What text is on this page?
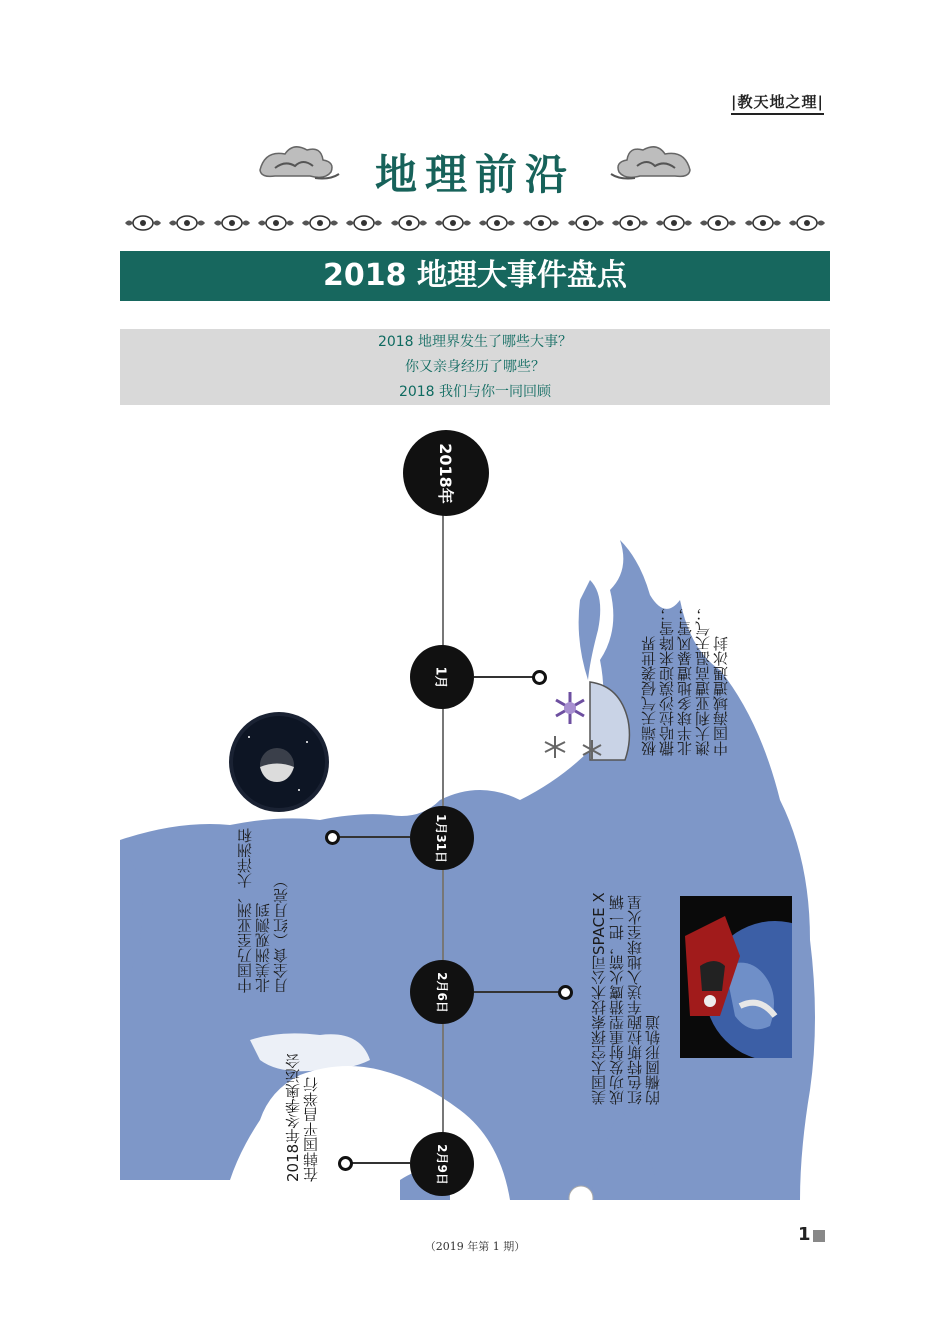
|教天地之理|
地理前沿
2018 地理大事件盘点
2018 地理界发生了哪些大事？
你又亲身经历了哪些？
2018 我们与你一同回顾
2018年
1月
1月31日
2月6日
2月9日
极端天气侵袭世界 撒哈拉沙漠迎来降雪； 北半球多地遭暴风雪； 澳大利亚遭高温天气； 中国海域遭遇冰封
中国乃至亚洲、大洋洲和 北美洲观测到 月全食（红月亮）	美国太空探索技术公司SPACE X 成功发射重型猎鹰火箭，把一辆 红色特斯拉跑车送入地球至火星 的椭圆形轨道
2018年冬季奥运会 在韩国平昌举行
1
（2019 年第 1 期）
